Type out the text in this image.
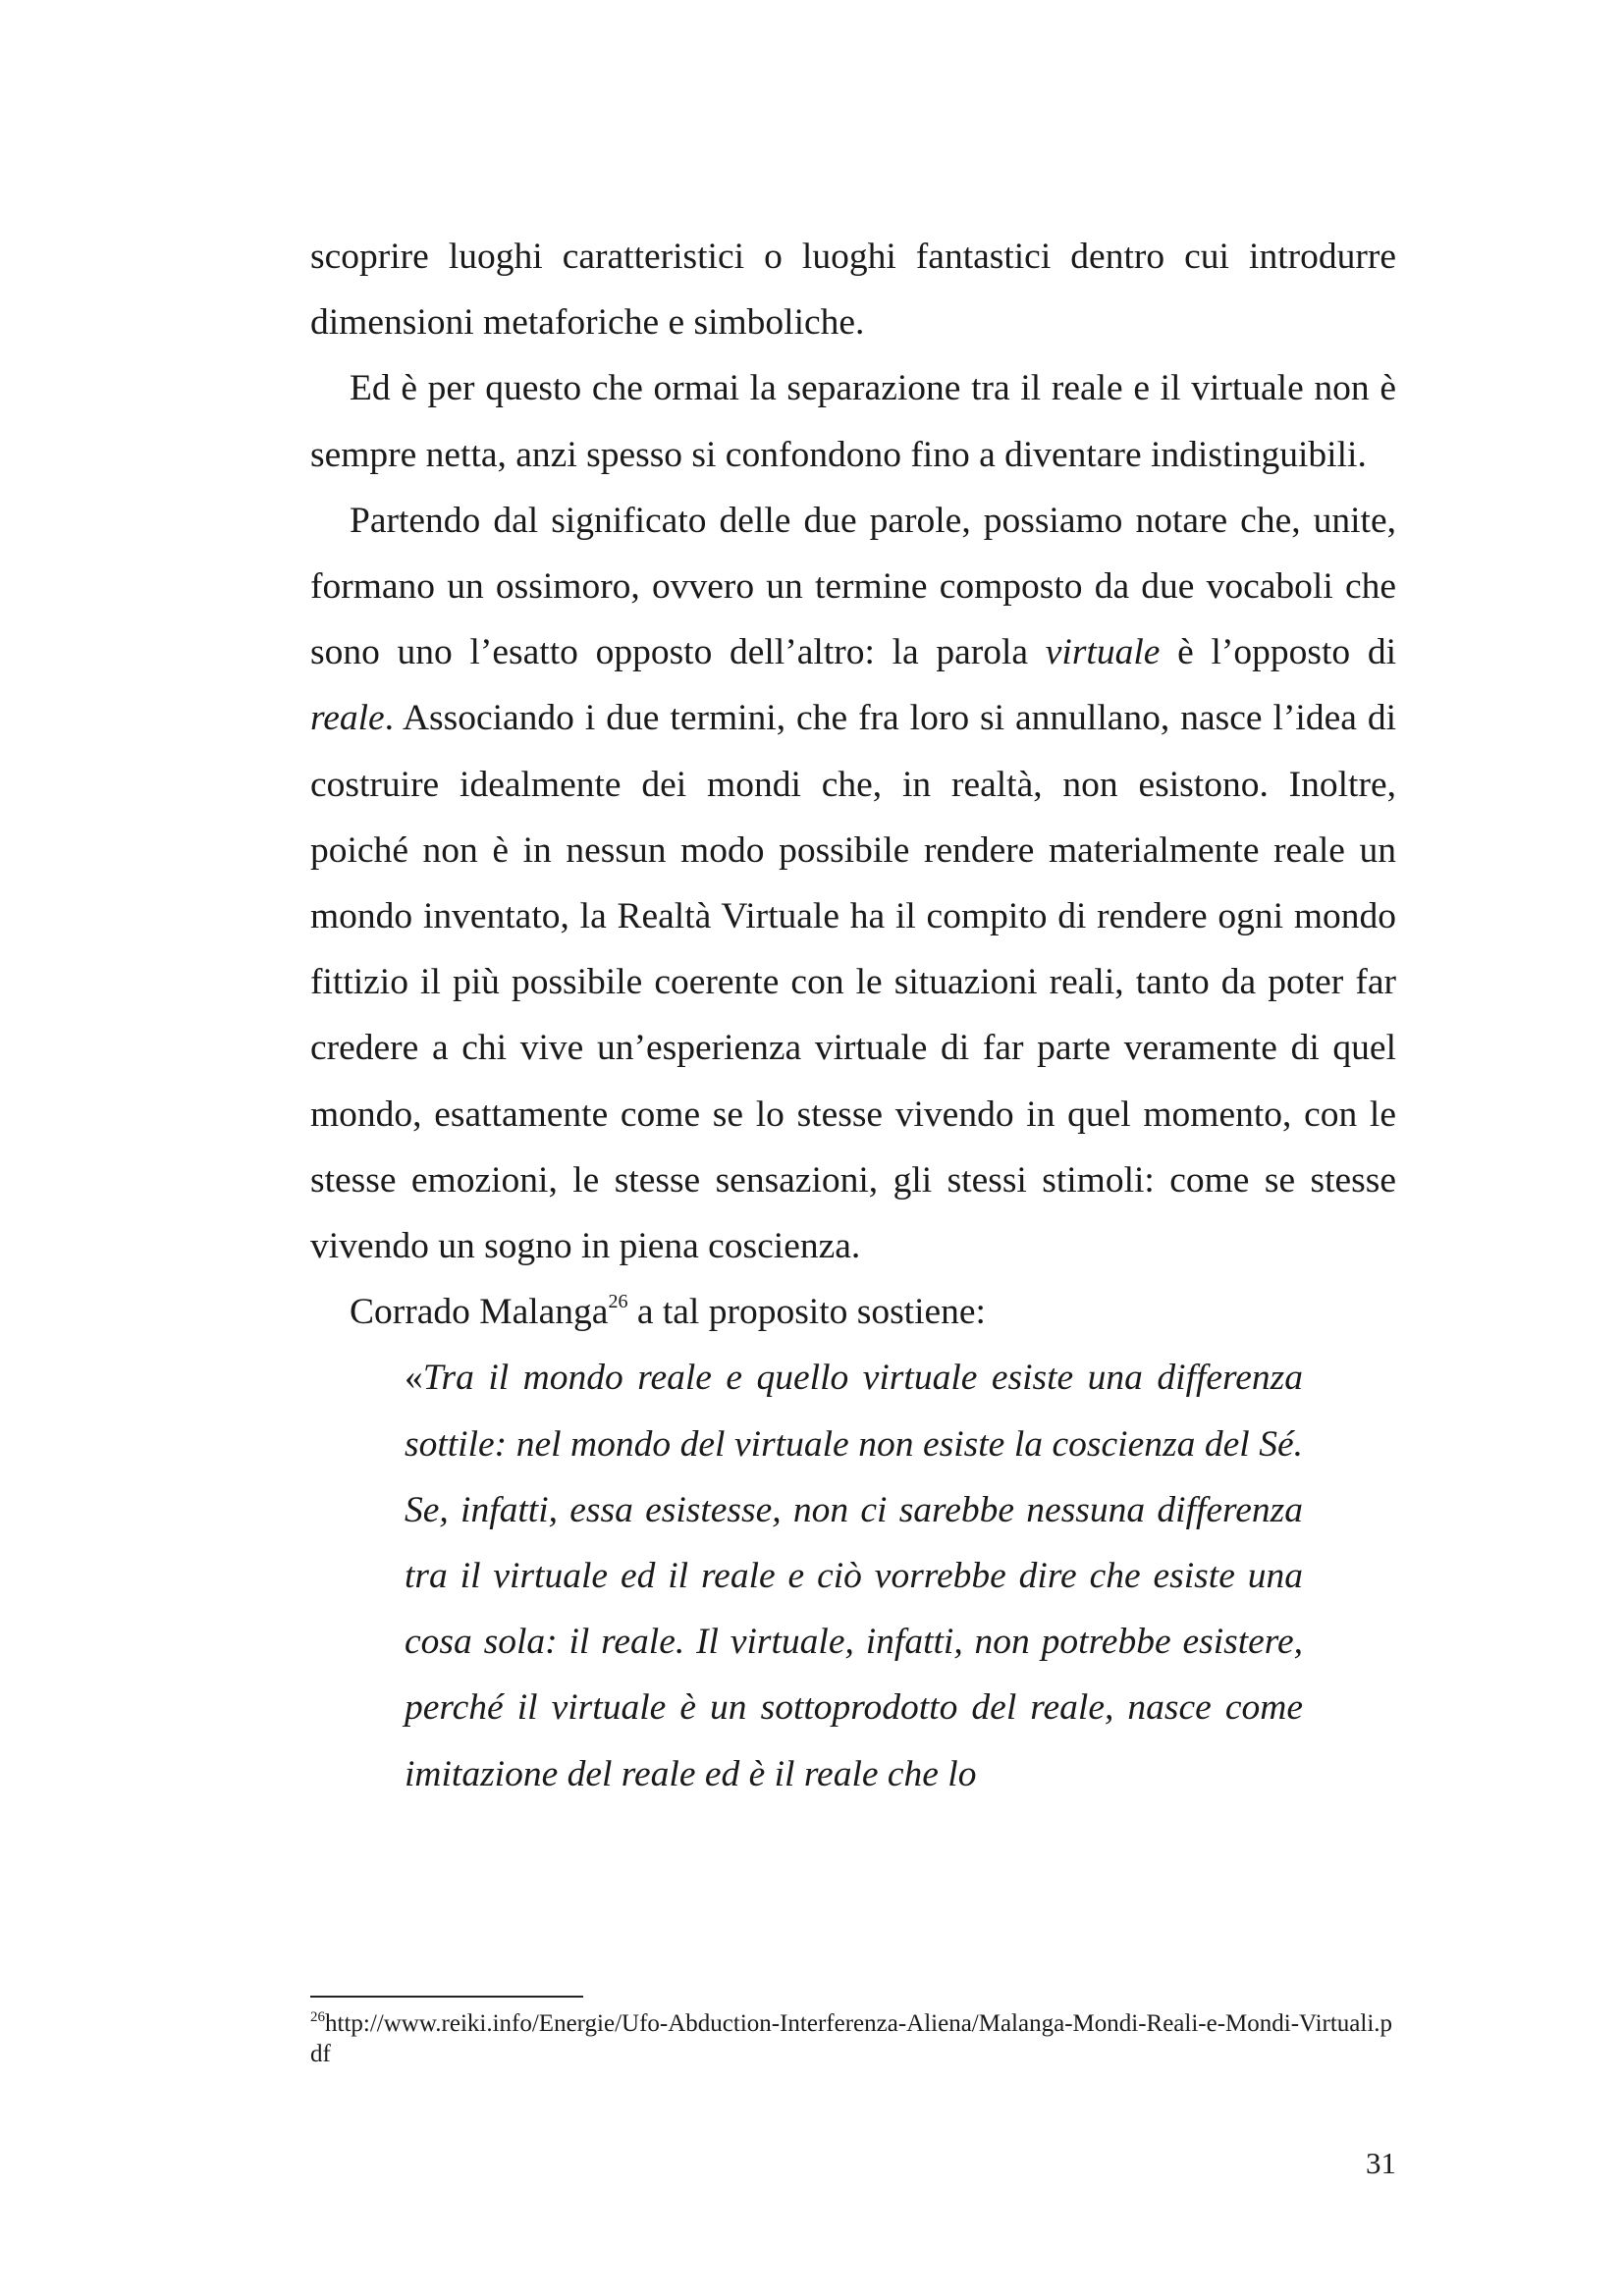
scoprire luoghi caratteristici o luoghi fantastici dentro cui introdurre dimensioni metaforiche e simboliche.

Ed è per questo che ormai la separazione tra il reale e il virtuale non è sempre netta, anzi spesso si confondono fino a diventare indistinguibili.

Partendo dal significato delle due parole, possiamo notare che, unite, formano un ossimoro, ovvero un termine composto da due vocaboli che sono uno l’esatto opposto dell’altro: la parola virtuale è l’opposto di reale. Associando i due termini, che fra loro si annullano, nasce l’idea di costruire idealmente dei mondi che, in realtà, non esistono. Inoltre, poiché non è in nessun modo possibile rendere materialmente reale un mondo inventato, la Realtà Virtuale ha il compito di rendere ogni mondo fittizio il più possibile coerente con le situazioni reali, tanto da poter far credere a chi vive un’esperienza virtuale di far parte veramente di quel mondo, esattamente come se lo stesse vivendo in quel momento, con le stesse emozioni, le stesse sensazioni, gli stessi stimoli: come se stesse vivendo un sogno in piena coscienza.

Corrado Malanga$^{26}$ a tal proposito sostiene:

«Tra il mondo reale e quello virtuale esiste una differenza sottile: nel mondo del virtuale non esiste la coscienza del Sé. Se, infatti, essa esistesse, non ci sarebbe nessuna differenza tra il virtuale ed il reale e ciò vorrebbe dire che esiste una cosa sola: il reale. Il virtuale, infatti, non potrebbe esistere, perché il virtuale è un sottoprodotto del reale, nasce come imitazione del reale ed è il reale che lo

$^{26}$http://www.reiki.info/Energie/Ufo-Abduction-Interferenza-Aliena/Malanga-Mondi-Reali-e-Mondi-Virtuali.pdf
31
